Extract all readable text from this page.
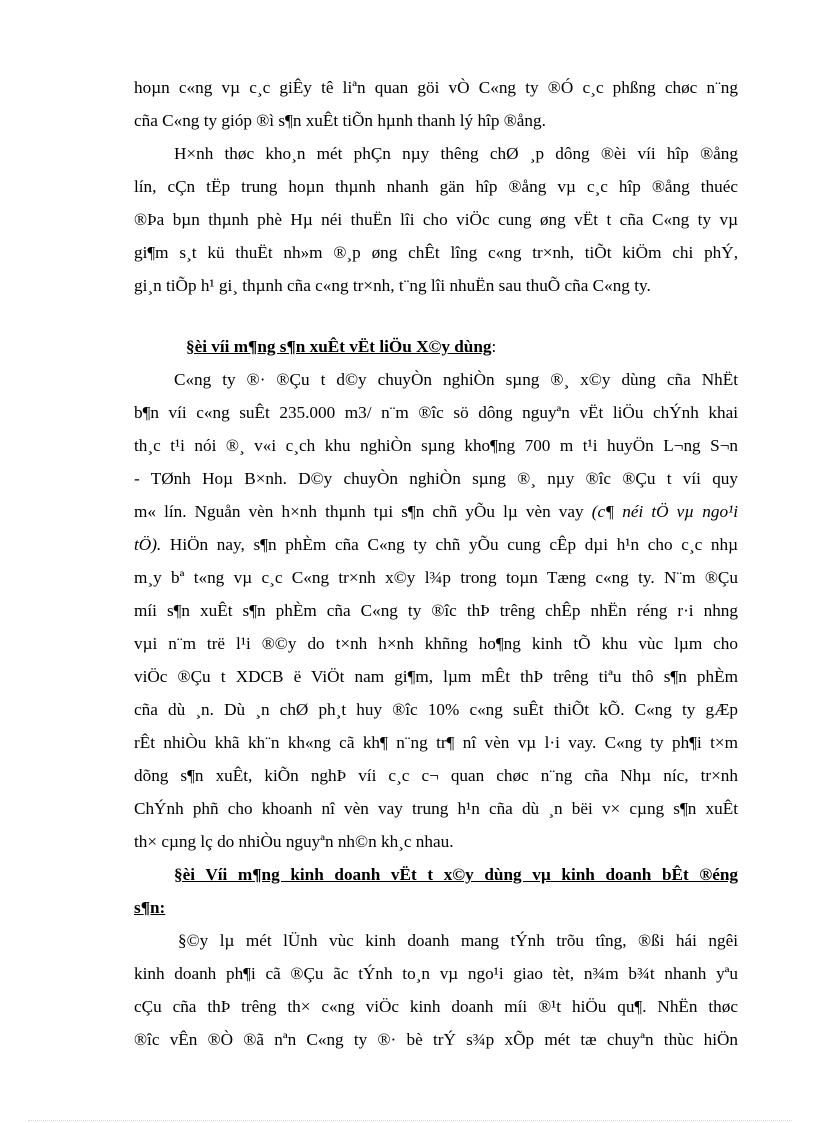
hoµn c«ng vµ c¸c giÊy tê liªn quan göi vÒ C«ng ty ®Ó c¸c phßng chøc n¨ng
cña C«ng ty gióp ®ì s¶n xuÊt tiÕn hµnh thanh lý hîp ®ång.
H×nh thøc kho¸n mét phÇn nµy thêng chØ ¸p dông ®èi víi hîp ®ång
lín, cÇn tËp trung hoµn thµnh nhanh gän hîp ®ång vµ c¸c hîp ®ång thuéc
®Þa bµn thµnh phè Hµ néi thuËn lîi cho viÖc cung øng vËt t cña C«ng ty vµ
gi¶m s¸t kü thuËt nh»m ®¸p øng chÊt lîng c«ng tr×nh, tiÕt kiÖm chi phÝ,
gi¸n tiÕp h¹ gi¸ thµnh cña c«ng tr×nh, t¨ng lîi nhuËn sau thuÕ cña C«ng ty.
§èi víi m¶ng s¶n xuÊt vËt liÖu X©y dùng:
C«ng ty ®· ®Çu t d©y chuyÒn nghiÒn sµng ®¸ x©y dùng cña NhËt
b¶n víi c«ng suÊt 235.000 m3/ n¨m ®îc sö dông nguyªn vËt liÖu chÝnh khai
th¸c t¹i nói ®¸ v«i c¸ch khu nghiÒn sµng kho¶ng 700 m t¹i huyÖn L¬ng S¬n
- TØnh Hoµ B×nh. D©y chuyÒn nghiÒn sµng ®¸ nµy ®îc ®Çu t víi quy
m« lín. Nguån vèn h×nh thµnh tµi s¶n chñ yÕu lµ vèn vay (c¶ néi tÖ vµ ngo¹i
tÖ). HiÖn nay, s¶n phÈm cña C«ng ty chñ yÕu cung cÊp dµi h¹n cho c¸c nhµ
m¸y bª t«ng vµ c¸c C«ng tr×nh x©y l¾p trong toµn Tæng c«ng ty. N¨m ®Çu
míi s¶n xuÊt s¶n phÈm cña C«ng ty ®îc thÞ trêng chÊp nhËn réng r·i nhng
vµi n¨m trë l¹i ®©y do t×nh h×nh khñng ho¶ng kinh tÕ khu vùc lµm cho
viÖc ®Çu t XDCB ë ViÖt nam gi¶m, lµm mÊt thÞ trêng tiªu thô s¶n phÈm
cña dù ¸n. Dù ¸n chØ ph¸t huy ®îc 10% c«ng suÊt thiÕt kÕ. C«ng ty gÆp
rÊt nhiÒu khã kh¨n kh«ng cã kh¶ n¨ng tr¶ nî vèn vµ l·i vay. C«ng ty ph¶i t×m
dõng s¶n xuÊt, kiÕn nghÞ víi c¸c c¬ quan chøc n¨ng cña Nhµ níc, tr×nh
ChÝnh phñ cho khoanh nî vèn vay trung h¹n cña dù ¸n bëi v× cµng s¶n xuÊt
th× cµng lç do nhiÒu nguyªn nh©n kh¸c nhau.
§èi Víi m¶ng kinh doanh vËt t x©y dùng vµ kinh doanh bÊt ®éng
s¶n:
§©y lµ mét lÜnh vùc kinh doanh mang tÝnh trõu tîng, ®ßi hái ngêi
kinh doanh ph¶i cã ®Çu ãc tÝnh to¸n vµ ngo¹i giao tèt, n¾m b¾t nhanh yªu
cÇu cña thÞ trêng th× c«ng viÖc kinh doanh míi ®¹t hiÖu qu¶. NhËn thøc
®îc vÊn ®Ò ®ã nªn C«ng ty ®· bè trÝ s¾p xÕp mét tæ chuyªn thùc hiÖn
